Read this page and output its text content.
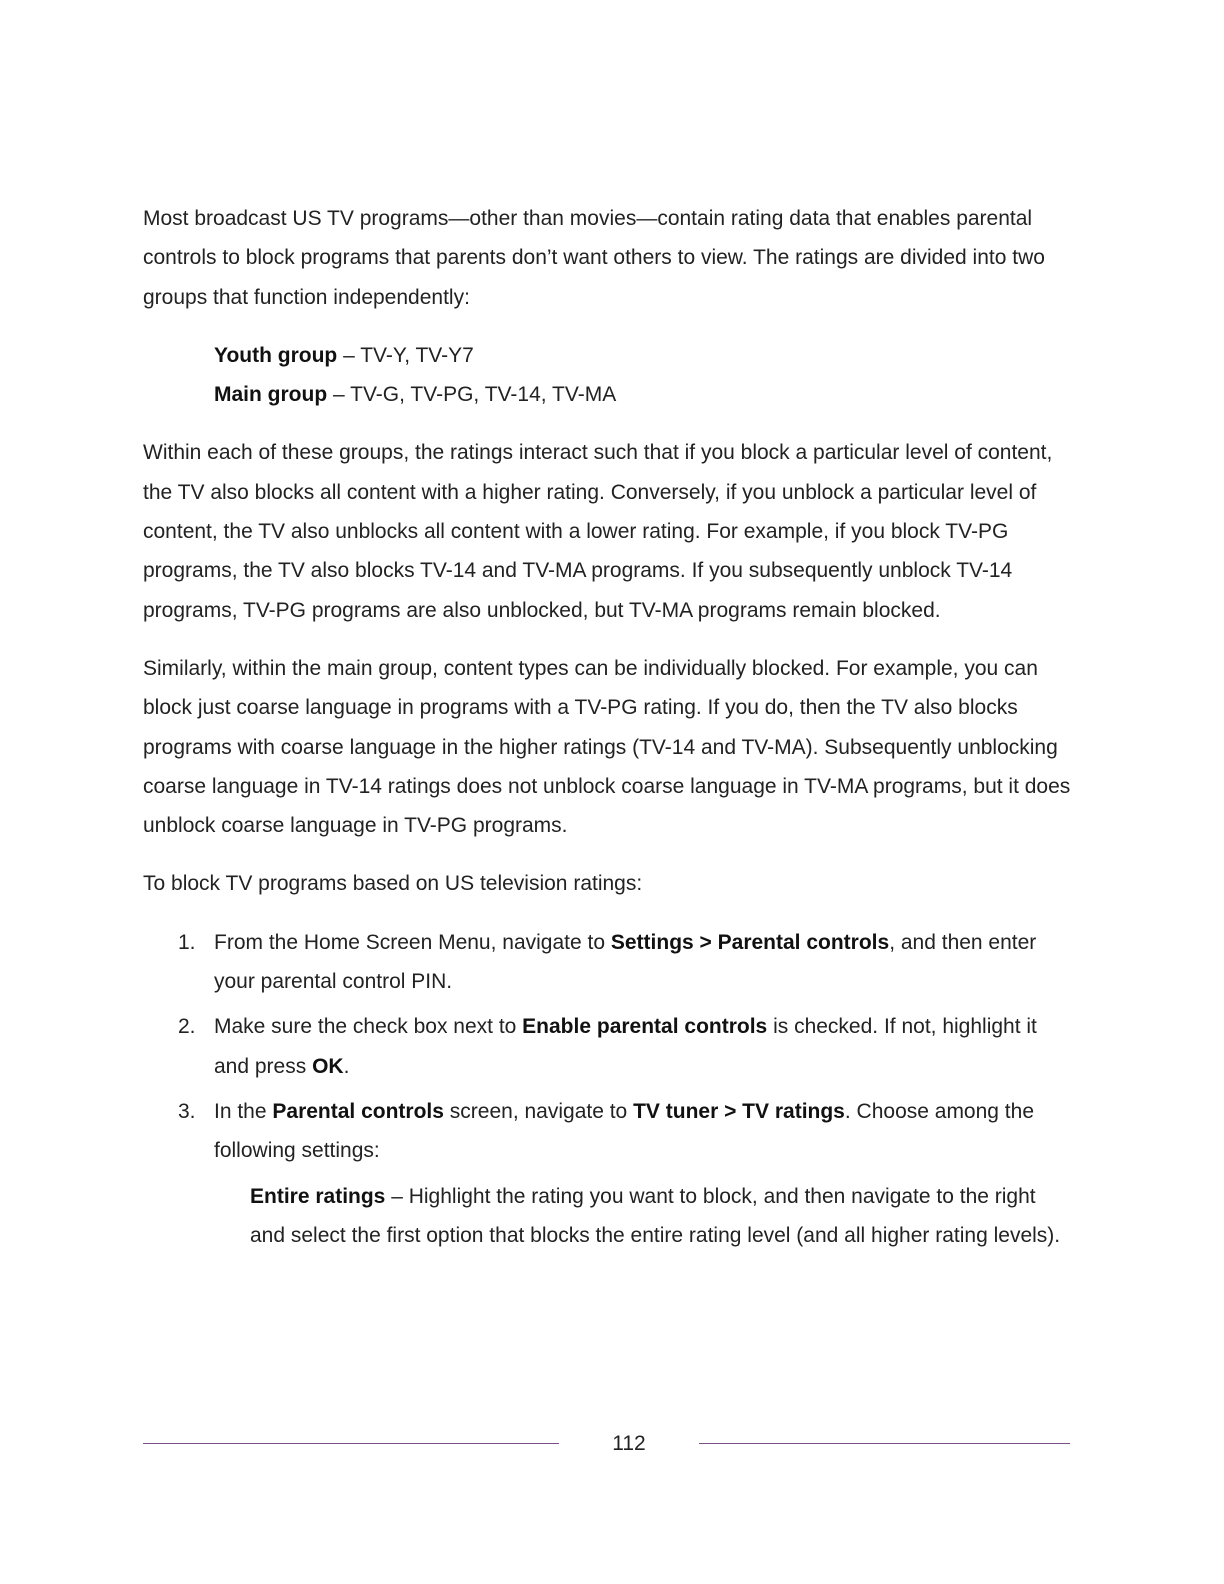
Most broadcast US TV programs—other than movies—contain rating data that enables parental controls to block programs that parents don’t want others to view. The ratings are divided into two groups that function independently:

Youth group – TV-Y, TV-Y7
Main group – TV-G, TV-PG, TV-14, TV-MA

Within each of these groups, the ratings interact such that if you block a particular level of content, the TV also blocks all content with a higher rating. Conversely, if you unblock a particular level of content, the TV also unblocks all content with a lower rating. For example, if you block TV-PG programs, the TV also blocks TV-14 and TV-MA programs. If you subsequently unblock TV-14 programs, TV-PG programs are also unblocked, but TV-MA programs remain blocked.

Similarly, within the main group, content types can be individually blocked. For example, you can block just coarse language in programs with a TV-PG rating. If you do, then the TV also blocks programs with coarse language in the higher ratings (TV-14 and TV-MA). Subsequently unblocking coarse language in TV-14 ratings does not unblock coarse language in TV-MA programs, but it does unblock coarse language in TV-PG programs.

To block TV programs based on US television ratings:

1. From the Home Screen Menu, navigate to Settings > Parental controls, and then enter your parental control PIN.
2. Make sure the check box next to Enable parental controls is checked. If not, highlight it and press OK.
3. In the Parental controls screen, navigate to TV tuner > TV ratings. Choose among the following settings:

Entire ratings – Highlight the rating you want to block, and then navigate to the right and select the first option that blocks the entire rating level (and all higher rating levels).

112
